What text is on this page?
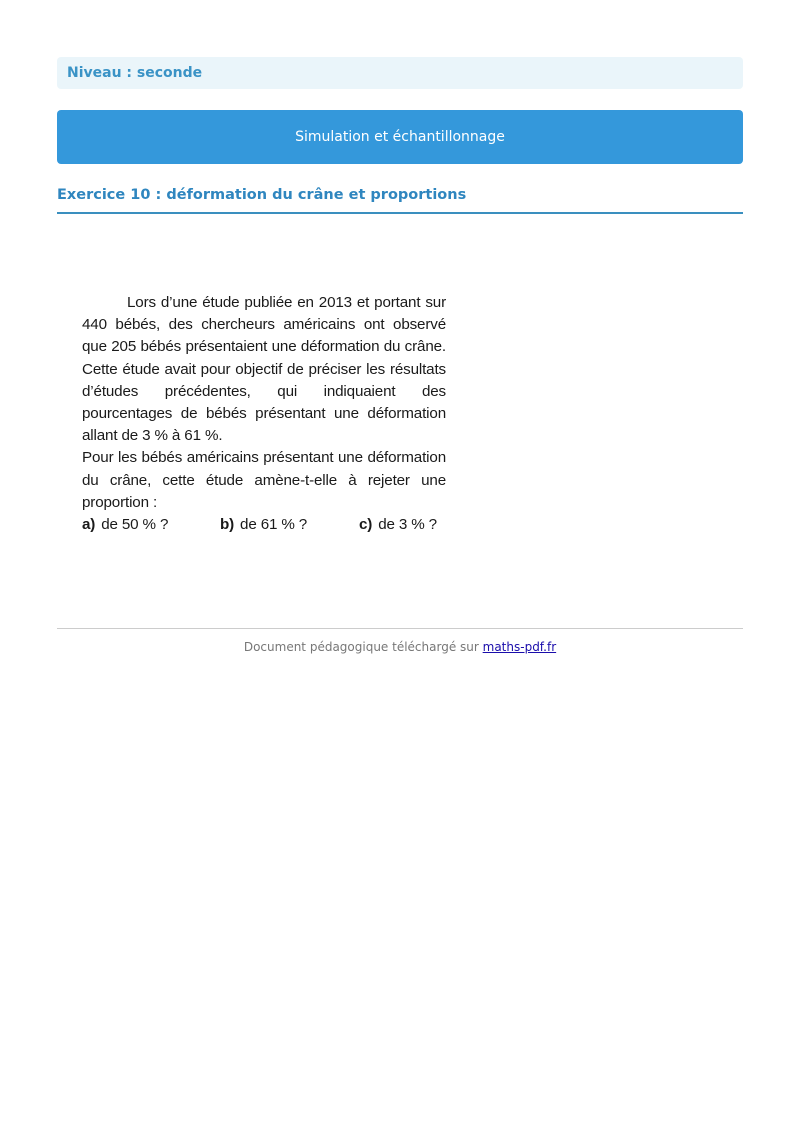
Niveau : seconde
Simulation et échantillonnage
Exercice 10 : déformation du crâne et proportions

Lors d’une étude publiée en 2013 et portant sur 440 bébés, des chercheurs américains ont observé que 205 bébés présentaient une déformation du crâne. Cette étude avait pour objectif de préciser les résultats d’études précédentes, qui indiquaient des pourcentages de bébés présentant une déformation allant de 3 % à 61 %.

Pour les bébés américains présentant une déformation du crâne, cette étude amène-t-elle à rejeter une proportion :

a) de 50 % ?	b) de 61 % ?	c) de 3 % ?
Document pédagogique téléchargé sur maths-pdf.fr
